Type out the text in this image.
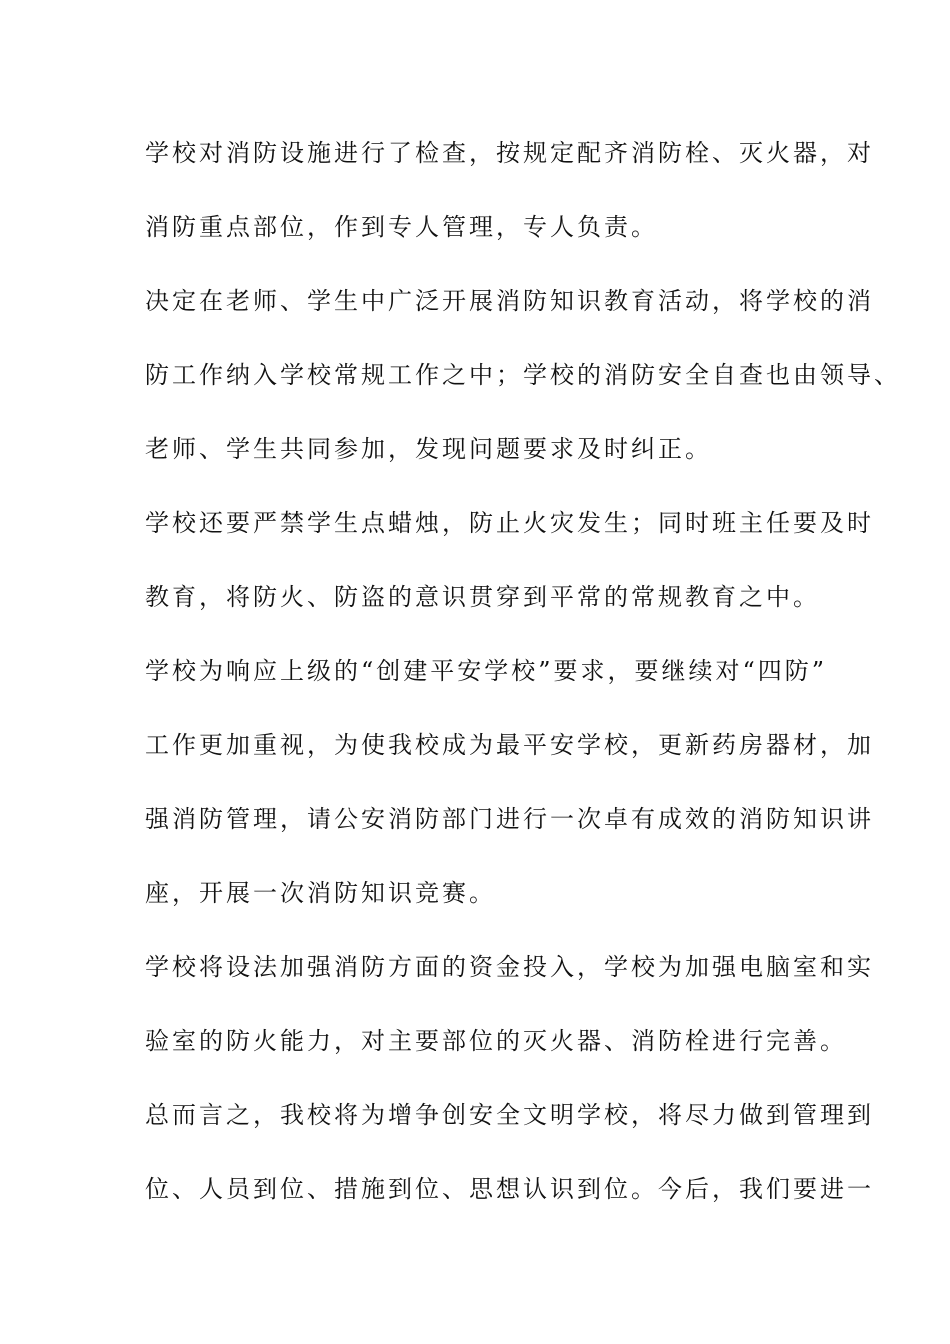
学校对消防设施进行了检查，按规定配齐消防栓、灭火器，对
消防重点部位，作到专人管理，专人负责。
决定在老师、学生中广泛开展消防知识教育活动，将学校的消
防工作纳入学校常规工作之中；学校的消防安全自查也由领导、
老师、学生共同参加，发现问题要求及时纠正。
学校还要严禁学生点蜡烛，防止火灾发生；同时班主任要及时
教育，将防火、防盗的意识贯穿到平常的常规教育之中。
学校为响应上级的“创建平安学校”要求，要继续对“四防”
工作更加重视，为使我校成为最平安学校，更新药房器材，加
强消防管理，请公安消防部门进行一次卓有成效的消防知识讲
座，开展一次消防知识竞赛。
学校将设法加强消防方面的资金投入，学校为加强电脑室和实
验室的防火能力，对主要部位的灭火器、消防栓进行完善。
总而言之，我校将为增争创安全文明学校，将尽力做到管理到
位、人员到位、措施到位、思想认识到位。今后，我们要进一
